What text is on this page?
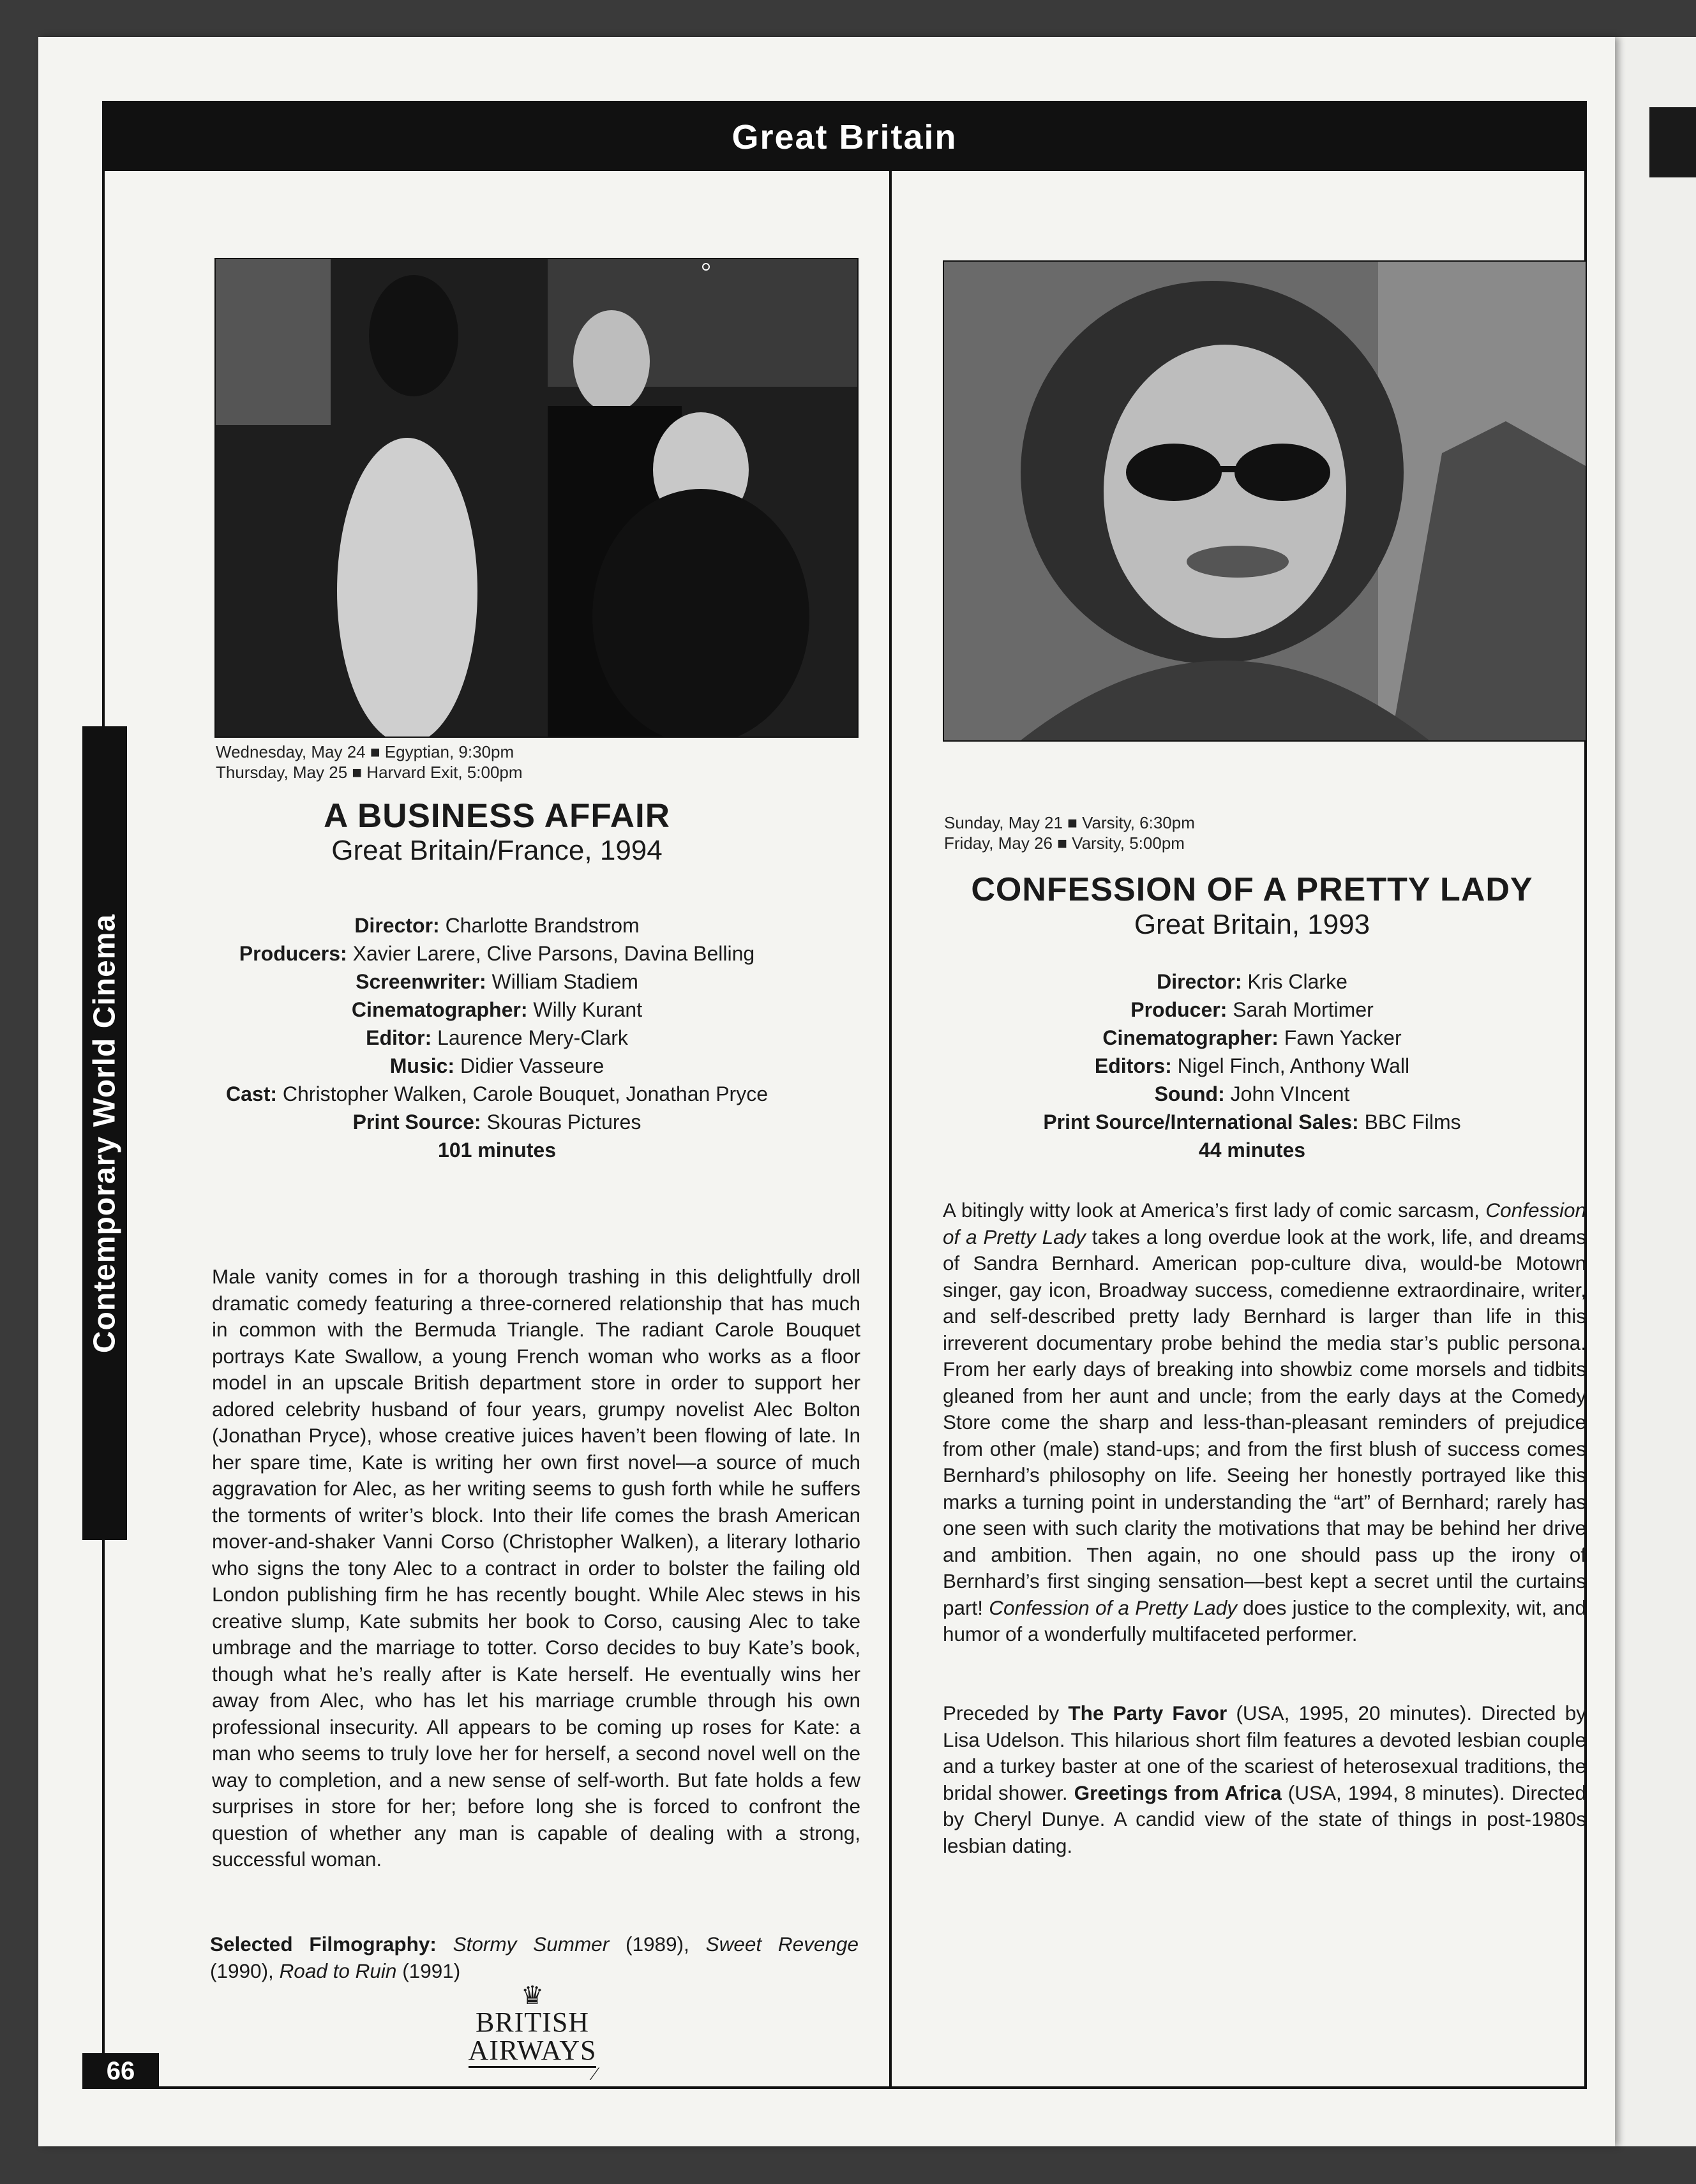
Great Britain
Contemporary World Cinema
66
Wednesday, May 24 ■ Egyptian, 9:30pm
Thursday, May 25 ■ Harvard Exit, 5:00pm
A BUSINESS AFFAIR
Great Britain/France, 1994
Director: Charlotte Brandstrom
Producers: Xavier Larere, Clive Parsons, Davina Belling
Screenwriter: William Stadiem
Cinematographer: Willy Kurant
Editor: Laurence Mery-Clark
Music: Didier Vasseure
Cast: Christopher Walken, Carole Bouquet, Jonathan Pryce
Print Source: Skouras Pictures
101 minutes

Male vanity comes in for a thorough trashing in this delightfully droll dramatic comedy featuring a three-cornered relationship that has much in common with the Bermuda Triangle. The radiant Carole Bouquet portrays Kate Swallow, a young French woman who works as a floor model in an upscale British department store in order to support her adored celebrity husband of four years, grumpy novelist Alec Bolton (Jonathan Pryce), whose creative juices haven’t been flowing of late. In her spare time, Kate is writing her own first novel—a source of much aggravation for Alec, as her writing seems to gush forth while he suffers the torments of writer’s block. Into their life comes the brash American mover-and-shaker Vanni Corso (Christopher Walken), a literary lothario who signs the tony Alec to a contract in order to bolster the failing old London publishing firm he has recently bought. While Alec stews in his creative slump, Kate submits her book to Corso, causing Alec to take umbrage and the marriage to totter. Corso decides to buy Kate’s book, though what he’s really after is Kate herself. He eventually wins her away from Alec, who has let his marriage crumble through his own professional insecurity. All appears to be coming up roses for Kate: a man who seems to truly love her for herself, a second novel well on the way to completion, and a new sense of self-worth. But fate holds a few surprises in store for her; before long she is forced to confront the question of whether any man is capable of dealing with a strong, successful woman.

Selected Filmography: Stormy Summer (1989), Sweet Revenge (1990), Road to Ruin (1991)

♛
BRITISH
AIRWAYS
⁄
Sunday, May 21 ■ Varsity, 6:30pm
Friday, May 26 ■ Varsity, 5:00pm
CONFESSION OF A PRETTY LADY
Great Britain, 1993
Director: Kris Clarke
Producer: Sarah Mortimer
Cinematographer: Fawn Yacker
Editors: Nigel Finch, Anthony Wall
Sound: John VIncent
Print Source/International Sales: BBC Films
44 minutes

A bitingly witty look at America’s first lady of comic sarcasm, Confession of a Pretty Lady takes a long overdue look at the work, life, and dreams of Sandra Bernhard. American pop-culture diva, would-be Motown singer, gay icon, Broadway success, comedienne extraordinaire, writer, and self-described pretty lady Bernhard is larger than life in this irreverent documentary probe behind the media star’s public persona. From her early days of breaking into showbiz come morsels and tidbits gleaned from her aunt and uncle; from the early days at the Comedy Store come the sharp and less-than-pleasant reminders of prejudice from other (male) stand-ups; and from the first blush of success comes Bernhard’s philosophy on life. Seeing her honestly portrayed like this marks a turning point in understanding the “art” of Bernhard; rarely has one seen with such clarity the motivations that may be behind her drive and ambition. Then again, no one should pass up the irony of Bernhard’s first singing sensation—best kept a secret until the curtains part! Confession of a Pretty Lady does justice to the complexity, wit, and humor of a wonderfully multifaceted performer.

Preceded by The Party Favor (USA, 1995, 20 minutes). Directed by Lisa Udelson. This hilarious short film features a devoted lesbian couple and a turkey baster at one of the scariest of heterosexual traditions, the bridal shower. Greetings from Africa (USA, 1994, 8 minutes). Directed by Cheryl Dunye. A candid view of the state of things in post-1980s lesbian dating.
